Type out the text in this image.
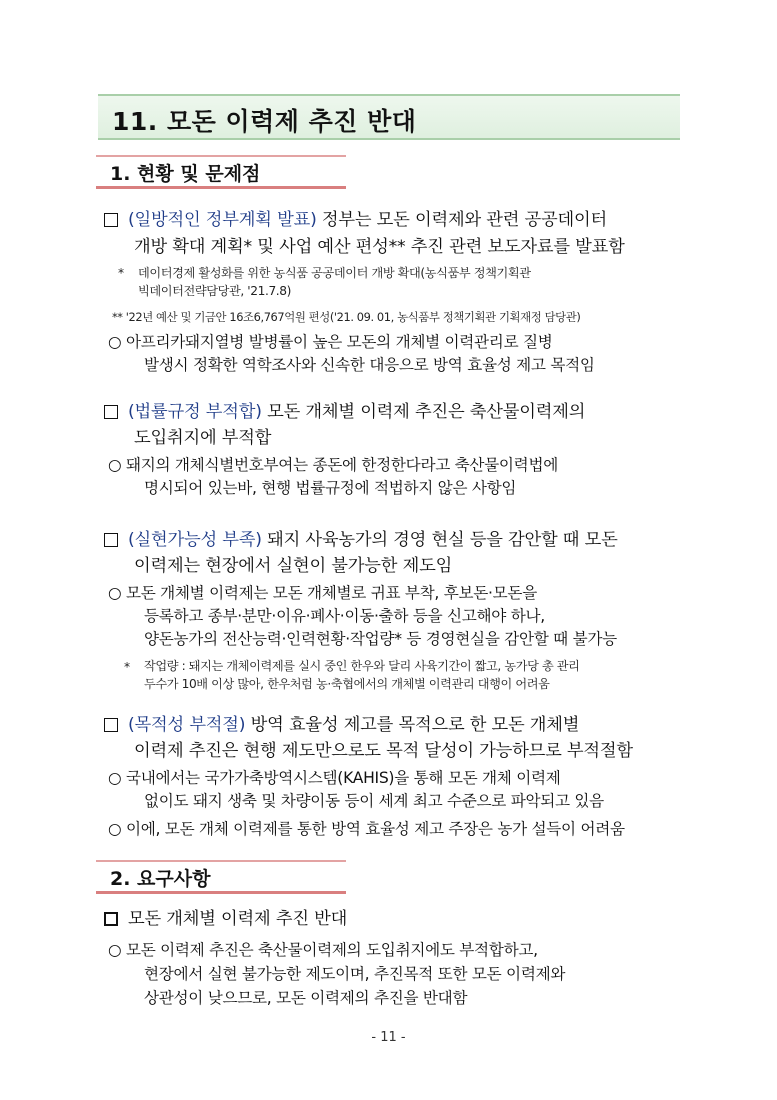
11. 모돈 이력제 추진 반대
1. 현황 및 문제점
(일방적인 정부계획 발표) 정부는 모돈 이력제와 관련 공공데이터
개방 확대 계획* 및 사업 예산 편성** 추진 관련 보도자료를 발표함
* 데이터경제 활성화를 위한 농식품 공공데이터 개방 확대(농식품부 정책기획관
빅데이터전략담당관, '21.7.8)
** '22년 예산 및 기금안 16조6,767억원 편성('21. 09. 01, 농식품부 정책기획관 기획재정 담당관)
○ 아프리카돼지열병 발병률이 높은 모돈의 개체별 이력관리로 질병
발생시 정확한 역학조사와 신속한 대응으로 방역 효율성 제고 목적임
(법률규정 부적합) 모돈 개체별 이력제 추진은 축산물이력제의
도입취지에 부적합
○ 돼지의 개체식별번호부여는 종돈에 한정한다라고 축산물이력법에
명시되어 있는바, 현행 법률규정에 적법하지 않은 사항임
(실현가능성 부족) 돼지 사육농가의 경영 현실 등을 감안할 때 모돈
이력제는 현장에서 실현이 불가능한 제도임
○ 모돈 개체별 이력제는 모돈 개체별로 귀표 부착, 후보돈·모돈을
등록하고 종부·분만·이유·폐사·이동·출하 등을 신고해야 하나,
양돈농가의 전산능력·인력현황·작업량* 등 경영현실을 감안할 때 불가능
* 작업량 : 돼지는 개체이력제를 실시 중인 한우와 달리 사육기간이 짧고, 농가당 총 관리
두수가 10배 이상 많아, 한우처럼 농·축협에서의 개체별 이력관리 대행이 어려움
(목적성 부적절) 방역 효율성 제고를 목적으로 한 모돈 개체별
이력제 추진은 현행 제도만으로도 목적 달성이 가능하므로 부적절함
○ 국내에서는 국가가축방역시스템(KAHIS)을 통해 모돈 개체 이력제
없이도 돼지 생축 및 차량이동 등이 세계 최고 수준으로 파악되고 있음
○ 이에, 모돈 개체 이력제를 통한 방역 효율성 제고 주장은 농가 설득이 어려움
2. 요구사항
모돈 개체별 이력제 추진 반대
○ 모돈 이력제 추진은 축산물이력제의 도입취지에도 부적합하고,
현장에서 실현 불가능한 제도이며, 추진목적 또한 모돈 이력제와
상관성이 낮으므로, 모돈 이력제의 추진을 반대함
- 11 -
